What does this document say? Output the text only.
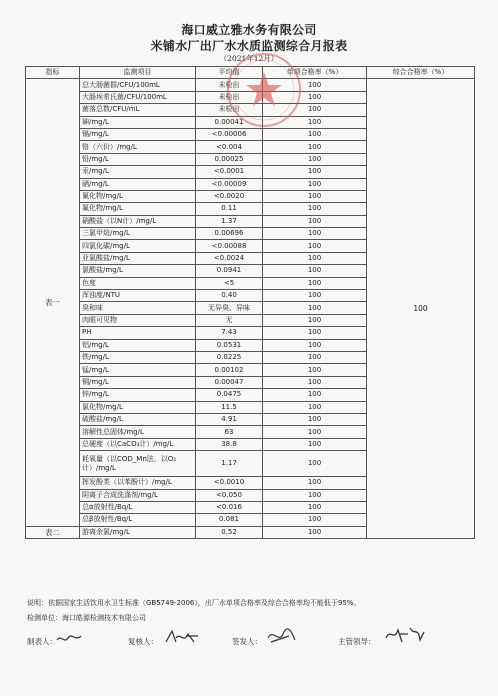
海口威立雅水务有限公司
米铺水厂出厂水水质监测综合月报表
（2021年12月）
指标	监测项目	平均值	单项合格率（%）	综合合格率（%）
表一	总大肠菌群/CFU/100mL	未检出	100	100
	大肠埃希氏菌/CFU/100mL	未检出	100	
	菌落总数/CFU/mL	未检出	100	
	砷/mg/L	0.00041	100	
	镉/mg/L	<0.00006	100	
	铬（六价）/mg/L	<0.004	100	
	铅/mg/L	0.00025	100	
	汞/mg/L	<0.0001	100	
	硒/mg/L	<0.00009	100	
	氰化物/mg/L	<0.0020	100	
	氟化物/mg/L	0.11	100	
	硝酸盐（以N计）/mg/L	1.37	100	
	三氯甲烷/mg/L	0.00696	100	
	四氯化碳/mg/L	<0.00088	100	
	亚氯酸盐/mg/L	<0.0024	100	
	氯酸盐/mg/L	0.0941	100	
	色度	<5	100	
	浑浊度/NTU	0.40	100	
	臭和味	无异臭、异味	100	
	肉眼可见物	无	100	
	PH	7.43	100	
	铝/mg/L	0.0531	100	
	铁/mg/L	0.0225	100	
	锰/mg/L	0.00102	100	
	铜/mg/L	0.00047	100	
	锌/mg/L	0.0475	100	
	氯化物/mg/L	11.5	100	
	硫酸盐/mg/L	4.91	100	
	溶解性总固体/mg/L	63	100	
	总硬度（以CaCO₃计）/mg/L	38.8	100	
	耗氧量（以COD_Mn法，以O₂计）/mg/L	1.17	100	
	挥发酚类（以苯酚计）/mg/L	<0.0010	100	
	阴离子合成洗涤剂/mg/L	<0.050	100	
	总α放射性/Bq/L	<0.016	100	
	总β放射性/Bq/L	0.081	100	
表二	游离余氯/mg/L	0.52	100	
说明：依据国家生活饮用水卫生标准（GB5749-2006），出厂水单项合格率及综合合格率均不能低于95%。
检测单位：海口皓源检测技术有限公司
制表人：	复核人：	签发人：	主管领导：
